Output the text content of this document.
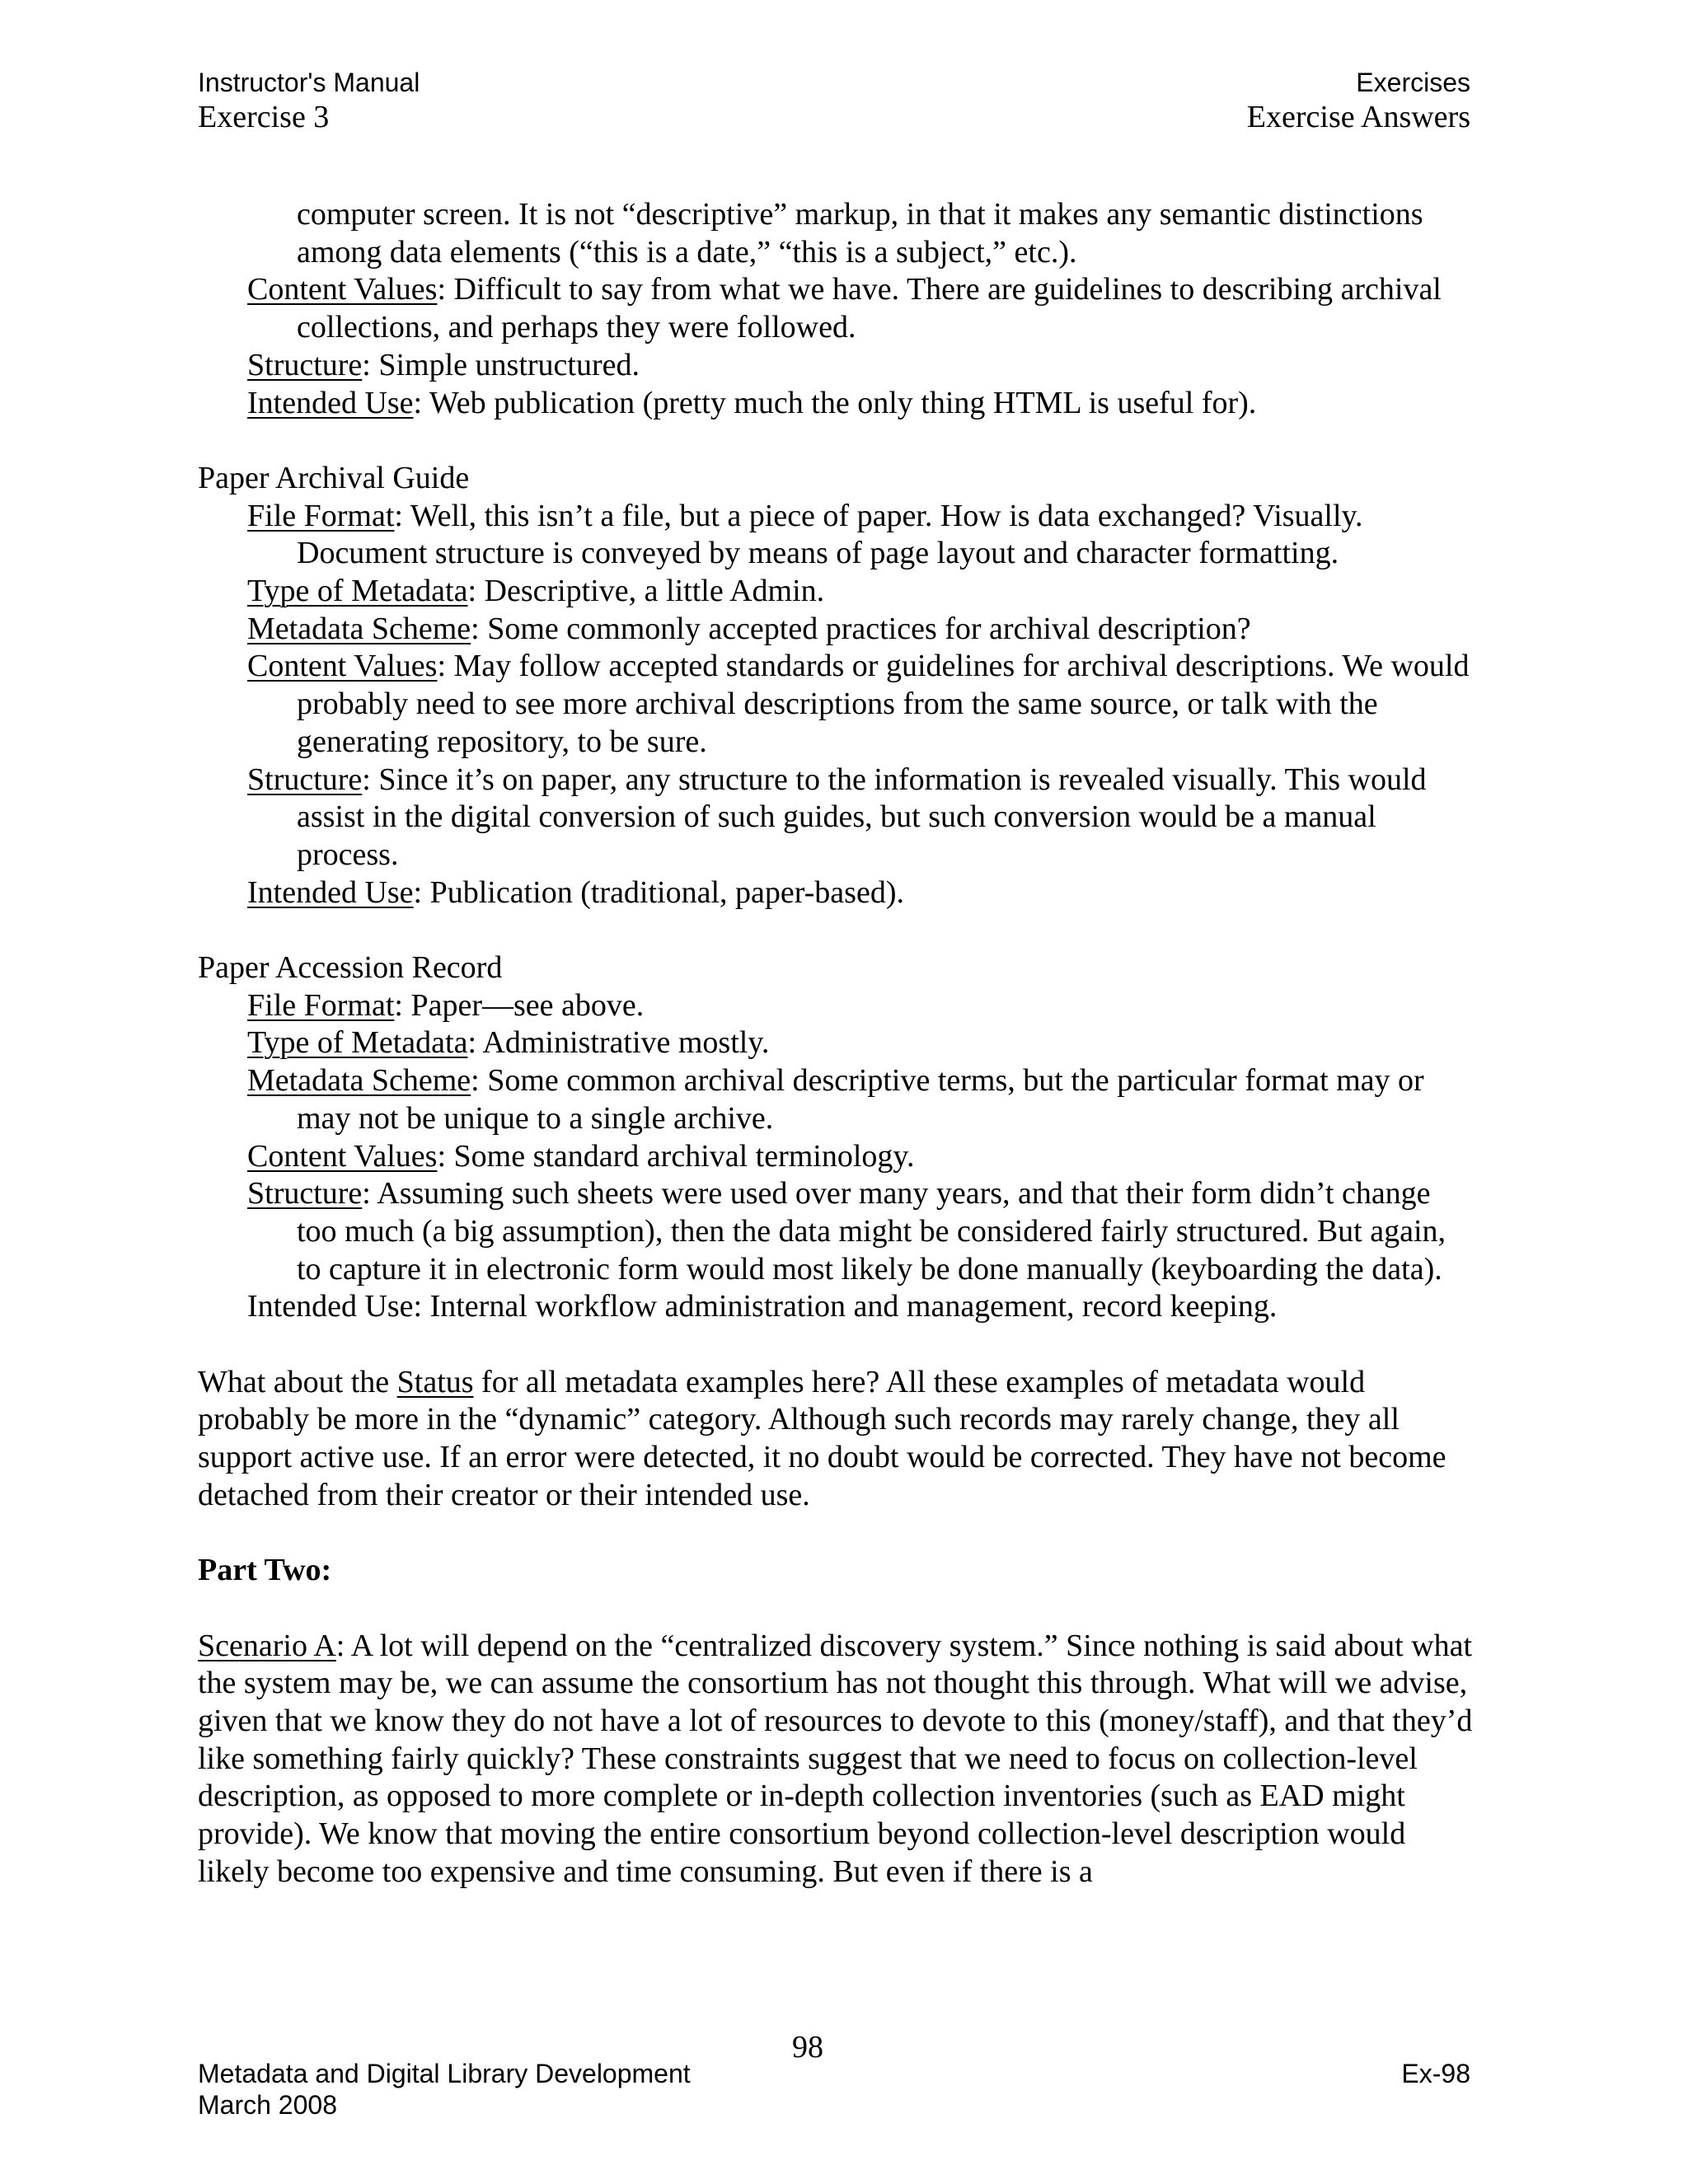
Instructor's Manual
Exercise 3
Exercises
Exercise Answers
computer screen. It is not “descriptive” markup, in that it makes any semantic distinctions among data elements (“this is a date,” “this is a subject,” etc.).
Content Values: Difficult to say from what we have. There are guidelines to describing archival collections, and perhaps they were followed.
Structure: Simple unstructured.
Intended Use: Web publication (pretty much the only thing HTML is useful for).

Paper Archival Guide

File Format: Well, this isn’t a file, but a piece of paper. How is data exchanged? Visually. Document structure is conveyed by means of page layout and character formatting.
Type of Metadata: Descriptive, a little Admin.
Metadata Scheme: Some commonly accepted practices for archival description?
Content Values: May follow accepted standards or guidelines for archival descriptions. We would probably need to see more archival descriptions from the same source, or talk with the generating repository, to be sure.
Structure: Since it’s on paper, any structure to the information is revealed visually. This would assist in the digital conversion of such guides, but such conversion would be a manual process.
Intended Use: Publication (traditional, paper-based).

Paper Accession Record

File Format: Paper—see above.
Type of Metadata: Administrative mostly.
Metadata Scheme: Some common archival descriptive terms, but the particular format may or may not be unique to a single archive.
Content Values: Some standard archival terminology.
Structure: Assuming such sheets were used over many years, and that their form didn’t change too much (a big assumption), then the data might be considered fairly structured. But again, to capture it in electronic form would most likely be done manually (keyboarding the data).
Intended Use: Internal workflow administration and management, record keeping.

What about the Status for all metadata examples here? All these examples of metadata would probably be more in the “dynamic” category. Although such records may rarely change, they all support active use. If an error were detected, it no doubt would be corrected. They have not become detached from their creator or their intended use.

Part Two:

Scenario A: A lot will depend on the “centralized discovery system.” Since nothing is said about what the system may be, we can assume the consortium has not thought this through. What will we advise, given that we know they do not have a lot of resources to devote to this (money/staff), and that they’d like something fairly quickly? These constraints suggest that we need to focus on collection-level description, as opposed to more complete or in-depth collection inventories (such as EAD might provide). We know that moving the entire consortium beyond collection-level description would likely become too expensive and time consuming. But even if there is a

98
Metadata and Digital Library Development
March 2008
Ex-98
